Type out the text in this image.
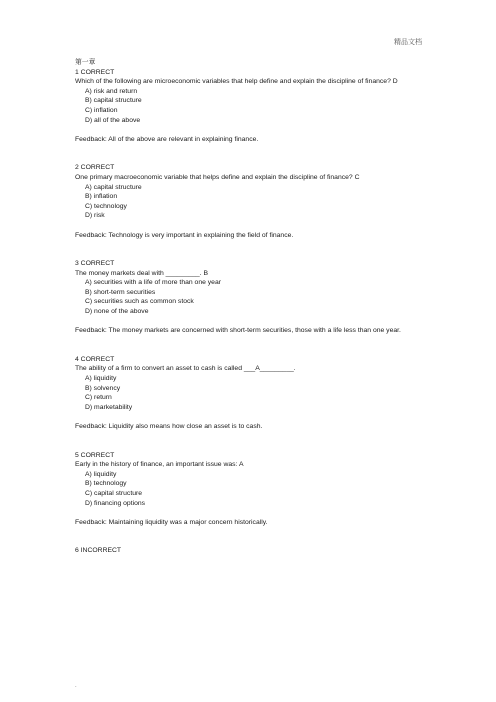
精品文档
第一章
1 CORRECT
Which of the following are microeconomic variables that help define and explain the discipline of finance? D
A) risk and return
B) capital structure
C) inflation
D) all of the above
Feedback: All of the above are relevant in explaining finance.
2 CORRECT
One primary macroeconomic variable that helps define and explain the discipline of finance? C
A) capital structure
B) inflation
C) technology
D) risk
Feedback: Technology is very important in explaining the field of finance.
3 CORRECT
The money markets deal with _________. B
A) securities with a life of more than one year
B) short-term securities
C) securities such as common stock
D) none of the above
Feedback: The money markets are concerned with short-term securities, those with a life less than one year.
4 CORRECT
The ability of a firm to convert an asset to cash is called ___A_________.
A) liquidity
B) solvency
C) return
D) marketability
Feedback: Liquidity also means how close an asset is to cash.
5 CORRECT
Early in the history of finance, an important issue was: A
A) liquidity
B) technology
C) capital structure
D) financing options
Feedback: Maintaining liquidity was a major concern historically.
6 INCORRECT
.
